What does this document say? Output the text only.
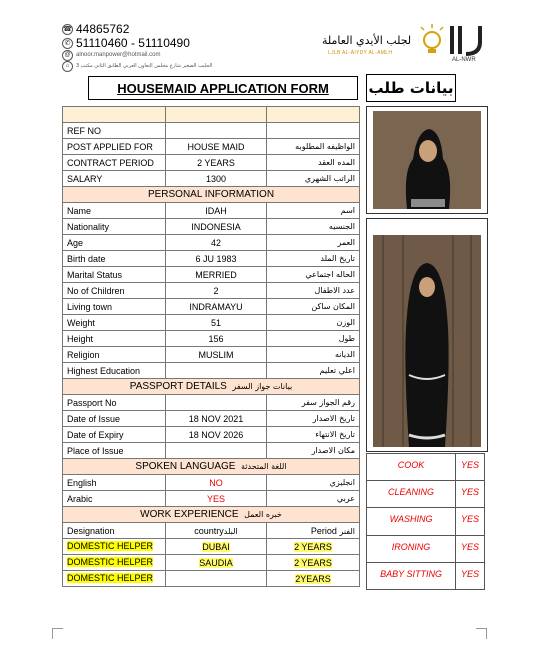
☎ 44865762
✆ 51110460 - 51110490
@ alnoor.manpower@hotmail.com
⌂	الجليب الصغير شارع مجلس التعاون العربي الطابق الثاني مكتب 3
لجلب الأيدي العاملة
LJLB AL-AIYDY AL-AMLH
AL-NWR
HOUSEMAID APPLICATION FORM	بيانات طلب

REF NO		
POST APPLIED FOR	HOUSE MAID	الواظيفه المطلوبه
CONTRACT PERIOD	2 YEARS	المده العقد
SALARY	1300	الراتب الشهري
PERSONAL INFORMATION		
Name	IDAH	اسم
Nationality	INDONESIA	الجنسيه
Age	42	العمر
Birth date	6 JU 1983	تاريخ الملد
Marital Status	MERRIED	الحاله اجتماعي
No of Children	2	عدد الاطفال
Living town	INDRAMAYU	المكان ساكن
Weight	51	الوزن
Height	156	طول
Religion	MUSLIM	الديانه
Highest Education		اعلي تعليم
PASSPORT DETAILS بيانات جواز السفر		
Passport No		رقم الجواز سفر
Date of Issue	18 NOV 2021	تاريخ الاصدار
Date of Expiry	18 NOV 2026	تاريخ الانتهاء
Place of Issue		مكان الاصدار
SPOKEN LANGUAGE اللغة المتحدثة		
English	NO	انجليزي
Arabic	YES	عربي
WORK EXPERIENCE خبره العمل		
Designation	countryالبلد	Period الفنر
DOMESTIC HELPER	DUBAI	2 YEARS
DOMESTIC HELPER	SAUDIA	2 YEARS
DOMESTIC HELPER		2YEARS
COOK	YES
CLEANING	YES
WASHING	YES
IRONING	YES
BABY SITTING	YES
